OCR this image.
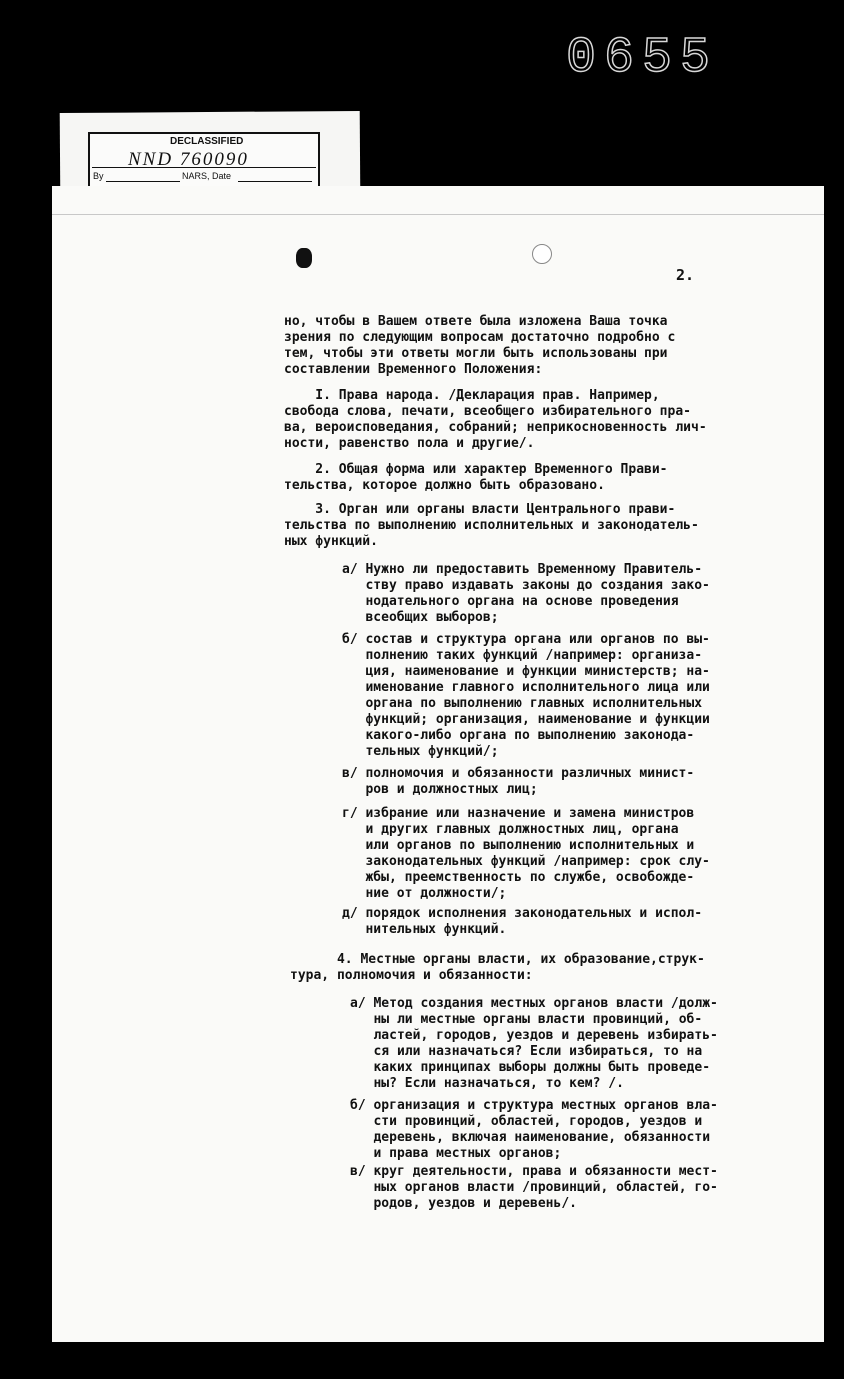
0655
DECLASSIFIED
NND 760090
By	NARS, Date
2.
но, чтобы в Вашем ответе была изложена Ваша точка
зрения по следующим вопросам достаточно подробно с
тем, чтобы эти ответы могли быть использованы при
составлении Временного Положения:
I. Права народа. /Декларация прав. Например,
свобода слова, печати, всеобщего избирательного пра-
ва, вероисповедания, собраний; неприкосновенность лич-
ности, равенство пола и другие/.
2. Общая форма или характер Временного Прави-
тельства, которое должно быть образовано.
3. Орган или органы власти Центрального прави-
тельства по выполнению исполнительных и законодатель-
ных функций.
а/ Нужно ли предоставить Временному Правитель-
ству право издавать законы до создания зако-
нодательного органа на основе проведения
всеобщих выборов;
б/ состав и структура органа или органов по вы-
полнению таких функций /например: организа-
ция, наименование и функции министерств; на-
именование главного исполнительного лица или
органа по выполнению главных исполнительных
функций; организация, наименование и функции
какого-либо органа по выполнению законода-
тельных функций/;
в/ полномочия и обязанности различных минист-
ров и должностных лиц;
г/ избрание или назначение и замена министров
и других главных должностных лиц, органа
или органов по выполнению исполнительных и
законодательных функций /например: срок слу-
жбы, преемственность по службе, освобожде-
ние от должности/;
д/ порядок исполнения законодательных и испол-
нительных функций.
4. Местные органы власти, их образование,струк-
тура, полномочия и обязанности:
а/ Метод создания местных органов власти /долж-
ны ли местные органы власти провинций, об-
ластей, городов, уездов и деревень избирать-
ся или назначаться? Если избираться, то на
каких принципах выборы должны быть проведе-
ны? Если назначаться, то кем? /.
б/ организация и структура местных органов вла-
сти провинций, областей, городов, уездов и
деревень, включая наименование, обязанности
и права местных органов;
в/ круг деятельности, права и обязанности мест-
ных органов власти /провинций, областей, го-
родов, уездов и деревень/.
